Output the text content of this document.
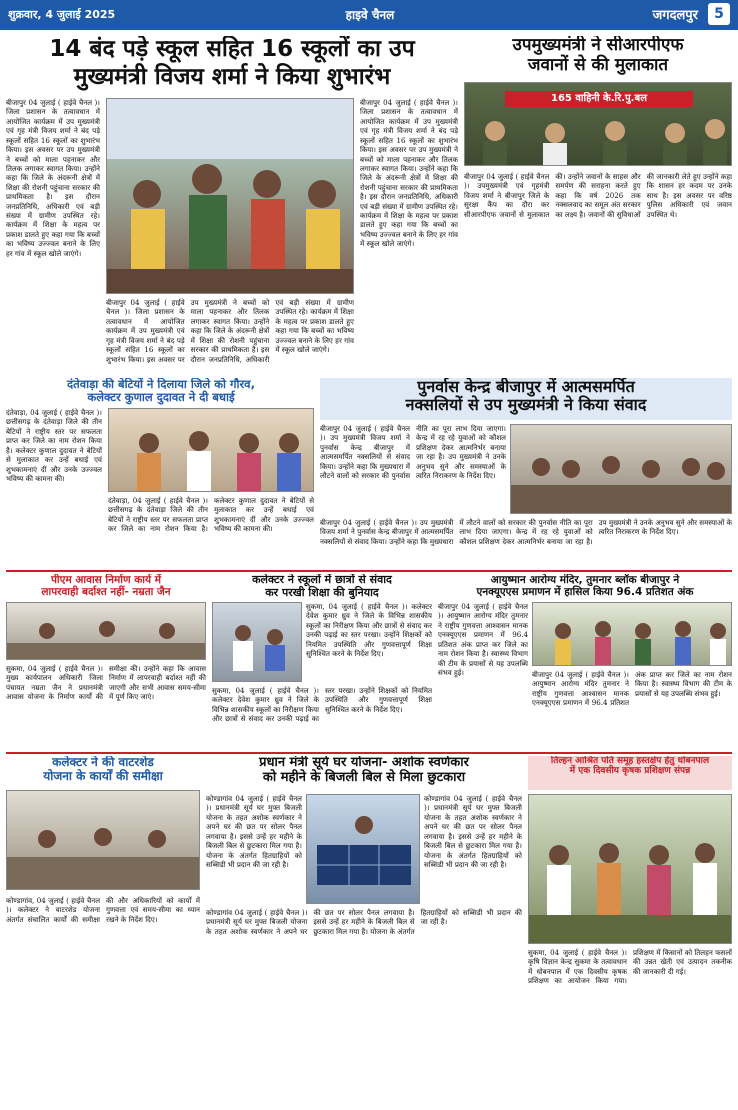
शुक्रवार, 4 जुलाई 2025	हाइवे चैनल	जगदलपुर	5
14 बंद पड़े स्कूल सहित 16 स्कूलों का उप
मुख्यमंत्री विजय शर्मा ने किया शुभारंभ
बीजापुर 04 जुलाई ( हाईवे चैनल )। जिला प्रशासन के तत्वावधान में आयोजित कार्यक्रम में उप मुख्यमंत्री एवं गृह मंत्री विजय शर्मा ने बंद पड़े स्कूलों सहित 16 स्कूलों का शुभारंभ किया। इस अवसर पर उप मुख्यमंत्री ने बच्चों को माला पहनाकर और तिलक लगाकर स्वागत किया। उन्होंने कहा कि जिले के अंदरूनी क्षेत्रों में शिक्षा की रोशनी पहुंचाना सरकार की प्राथमिकता है। इस दौरान जनप्रतिनिधि, अधिकारी एवं बड़ी संख्या में ग्रामीण उपस्थित रहे। कार्यक्रम में शिक्षा के महत्व पर प्रकाश डालते हुए कहा गया कि बच्चों का भविष्य उज्ज्वल बनाने के लिए हर गांव में स्कूल खोले जाएंगे।
बीजापुर 04 जुलाई ( हाईवे चैनल )। जिला प्रशासन के तत्वावधान में आयोजित कार्यक्रम में उप मुख्यमंत्री एवं गृह मंत्री विजय शर्मा ने बंद पड़े स्कूलों सहित 16 स्कूलों का शुभारंभ किया। इस अवसर पर उप मुख्यमंत्री ने बच्चों को माला पहनाकर और तिलक लगाकर स्वागत किया। उन्होंने कहा कि जिले के अंदरूनी क्षेत्रों में शिक्षा की रोशनी पहुंचाना सरकार की प्राथमिकता है। इस दौरान जनप्रतिनिधि, अधिकारी एवं बड़ी संख्या में ग्रामीण उपस्थित रहे। कार्यक्रम में शिक्षा के महत्व पर प्रकाश डालते हुए कहा गया कि बच्चों का भविष्य उज्ज्वल बनाने के लिए हर गांव में स्कूल खोले जाएंगे।
बीजापुर 04 जुलाई ( हाईवे चैनल )। जिला प्रशासन के तत्वावधान में आयोजित कार्यक्रम में उप मुख्यमंत्री एवं गृह मंत्री विजय शर्मा ने बंद पड़े स्कूलों सहित 16 स्कूलों का शुभारंभ किया। इस अवसर पर उप मुख्यमंत्री ने बच्चों को माला पहनाकर और तिलक लगाकर स्वागत किया। उन्होंने कहा कि जिले के अंदरूनी क्षेत्रों में शिक्षा की रोशनी पहुंचाना सरकार की प्राथमिकता है। इस दौरान जनप्रतिनिधि, अधिकारी एवं बड़ी संख्या में ग्रामीण उपस्थित रहे। कार्यक्रम में शिक्षा के महत्व पर प्रकाश डालते हुए कहा गया कि बच्चों का भविष्य उज्ज्वल बनाने के लिए हर गांव में स्कूल खोले जाएंगे।
उपमुख्यमंत्री ने सीआरपीएफ
जवानों से की मुलाकात
165 वाहिनी के.रि.पु.बल
बीजापुर 04 जुलाई ( हाईवे चैनल )। उपमुख्यमंत्री एवं गृहमंत्री विजय शर्मा ने बीजापुर जिले के सुरक्षा कैंप का दौरा कर सीआरपीएफ जवानों से मुलाकात की। उन्होंने जवानों के साहस और समर्पण की सराहना करते हुए कहा कि वर्ष 2026 तक नक्सलवाद का समूल अंत सरकार का लक्ष्य है। जवानों की सुविधाओं की जानकारी लेते हुए उन्होंने कहा कि शासन हर कदम पर उनके साथ है। इस अवसर पर वरिष्ठ पुलिस अधिकारी एवं जवान उपस्थित थे।
दंतेवाड़ा की बेटियों ने दिलाया जिले को गौरव,
कलेक्टर कुणाल दुदावत ने दी बधाई
दंतेवाड़ा, 04 जुलाई ( हाईवे चैनल )। छत्तीसगढ़ के दंतेवाड़ा जिले की तीन बेटियों ने राष्ट्रीय स्तर पर सफलता प्राप्त कर जिले का नाम रोशन किया है। कलेक्टर कुणाल दुदावत ने बेटियों से मुलाकात कर उन्हें बधाई एवं शुभकामनाएं दीं और उनके उज्ज्वल भविष्य की कामना की।
दंतेवाड़ा, 04 जुलाई ( हाईवे चैनल )। छत्तीसगढ़ के दंतेवाड़ा जिले की तीन बेटियों ने राष्ट्रीय स्तर पर सफलता प्राप्त कर जिले का नाम रोशन किया है। कलेक्टर कुणाल दुदावत ने बेटियों से मुलाकात कर उन्हें बधाई एवं शुभकामनाएं दीं और उनके उज्ज्वल भविष्य की कामना की।
पुनर्वास केन्द्र बीजापुर में आत्मसमर्पित
नक्सलियों से उप मुख्यमंत्री ने किया संवाद
बीजापुर 04 जुलाई ( हाईवे चैनल )। उप मुख्यमंत्री विजय शर्मा ने पुनर्वास केन्द्र बीजापुर में आत्मसमर्पित नक्सलियों से संवाद किया। उन्होंने कहा कि मुख्यधारा में लौटने वालों को सरकार की पुनर्वास नीति का पूरा लाभ दिया जाएगा। केन्द्र में रह रहे युवाओं को कौशल प्रशिक्षण देकर आत्मनिर्भर बनाया जा रहा है। उप मुख्यमंत्री ने उनके अनुभव सुने और समस्याओं के त्वरित निराकरण के निर्देश दिए।
बीजापुर 04 जुलाई ( हाईवे चैनल )। उप मुख्यमंत्री विजय शर्मा ने पुनर्वास केन्द्र बीजापुर में आत्मसमर्पित नक्सलियों से संवाद किया। उन्होंने कहा कि मुख्यधारा में लौटने वालों को सरकार की पुनर्वास नीति का पूरा लाभ दिया जाएगा। केन्द्र में रह रहे युवाओं को कौशल प्रशिक्षण देकर आत्मनिर्भर बनाया जा रहा है। उप मुख्यमंत्री ने उनके अनुभव सुने और समस्याओं के त्वरित निराकरण के निर्देश दिए।
पीएम आवास निर्माण कार्य में
लापरवाही बर्दाश्त नहीं- नम्रता जैन
सुकमा, 04 जुलाई ( हाईवे चैनल )। मुख्य कार्यपालन अधिकारी जिला पंचायत नम्रता जैन ने प्रधानमंत्री आवास योजना के निर्माण कार्यों की समीक्षा की। उन्होंने कहा कि आवास निर्माण में लापरवाही बर्दाश्त नहीं की जाएगी और सभी आवास समय-सीमा में पूर्ण किए जाएं।
कलेक्टर ने स्कूलों में छात्रों से संवाद
कर परखी शिक्षा की बुनियाद
सुकमा, 04 जुलाई ( हाईवे चैनल )। कलेक्टर देवेश कुमार ध्रुव ने जिले के विभिन्न शासकीय स्कूलों का निरीक्षण किया और छात्रों से संवाद कर उनकी पढ़ाई का स्तर परखा। उन्होंने शिक्षकों को नियमित उपस्थिति और गुणवत्तापूर्ण शिक्षा सुनिश्चित करने के निर्देश दिए।
सुकमा, 04 जुलाई ( हाईवे चैनल )। कलेक्टर देवेश कुमार ध्रुव ने जिले के विभिन्न शासकीय स्कूलों का निरीक्षण किया और छात्रों से संवाद कर उनकी पढ़ाई का स्तर परखा। उन्होंने शिक्षकों को नियमित उपस्थिति और गुणवत्तापूर्ण शिक्षा सुनिश्चित करने के निर्देश दिए।
आयुष्मान आरोग्य मंदिर, तुमनार ब्लॉक बीजापुर ने
एनक्यूएएस प्रमाणन में हासिल किया 96.4 प्रतिशत अंक
बीजापुर 04 जुलाई ( हाईवे चैनल )। आयुष्मान आरोग्य मंदिर तुमनार ने राष्ट्रीय गुणवत्ता आश्वासन मानक एनक्यूएएस प्रमाणन में 96.4 प्रतिशत अंक प्राप्त कर जिले का नाम रोशन किया है। स्वास्थ्य विभाग की टीम के प्रयासों से यह उपलब्धि संभव हुई।	बीजापुर 04 जुलाई ( हाईवे चैनल )। आयुष्मान आरोग्य मंदिर तुमनार ने राष्ट्रीय गुणवत्ता आश्वासन मानक एनक्यूएएस प्रमाणन में 96.4 प्रतिशत अंक प्राप्त कर जिले का नाम रोशन किया है। स्वास्थ्य विभाग की टीम के प्रयासों से यह उपलब्धि संभव हुई।
कलेक्टर ने की वाटरशेड
योजना के कार्यों की समीक्षा
कोण्डागांव, 04 जुलाई ( हाईवे चैनल )। कलेक्टर ने वाटरशेड योजना अंतर्गत संचालित कार्यों की समीक्षा की और अधिकारियों को कार्यों में गुणवत्ता एवं समय-सीमा का ध्यान रखने के निर्देश दिए।
प्रधान मंत्री सूर्य घर योजना- अशोक स्वर्णकार
को महीने के बिजली बिल से मिला छुटकारा
कोण्डागांव 04 जुलाई ( हाईवे चैनल )। प्रधानमंत्री सूर्य घर मुफ्त बिजली योजना के तहत अशोक स्वर्णकार ने अपने घर की छत पर सोलर पैनल लगवाया है। इससे उन्हें हर महीने के बिजली बिल से छुटकारा मिल गया है। योजना के अंतर्गत हितग्राहियों को सब्सिडी भी प्रदान की जा रही है।
कोण्डागांव 04 जुलाई ( हाईवे चैनल )। प्रधानमंत्री सूर्य घर मुफ्त बिजली योजना के तहत अशोक स्वर्णकार ने अपने घर की छत पर सोलर पैनल लगवाया है। इससे उन्हें हर महीने के बिजली बिल से छुटकारा मिल गया है। योजना के अंतर्गत हितग्राहियों को सब्सिडी भी प्रदान की जा रही है।
कोण्डागांव 04 जुलाई ( हाईवे चैनल )। प्रधानमंत्री सूर्य घर मुफ्त बिजली योजना के तहत अशोक स्वर्णकार ने अपने घर की छत पर सोलर पैनल लगवाया है। इससे उन्हें हर महीने के बिजली बिल से छुटकारा मिल गया है। योजना के अंतर्गत हितग्राहियों को सब्सिडी भी प्रदान की जा रही है।
तिल्हन आश्रित पति समूह हस्तक्षेप हेतु धोबनपाल
में एक दिवसीय कृषक प्रशिक्षण संपन्न
सुकमा, 04 जुलाई ( हाईवे चैनल )। कृषि विज्ञान केन्द्र सुकमा के तत्वावधान में धोबनपाल में एक दिवसीय कृषक प्रशिक्षण का आयोजन किया गया। प्रशिक्षण में किसानों को तिलहन फसलों की उन्नत खेती एवं उत्पादन तकनीक की जानकारी दी गई।
